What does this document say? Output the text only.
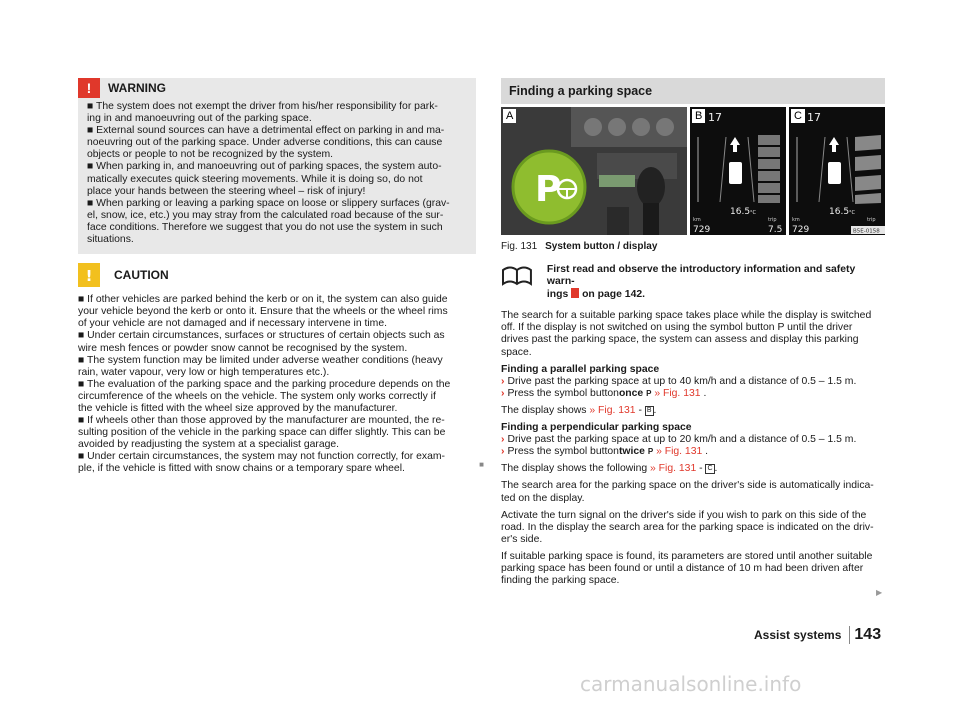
!	WARNING

■ The system does not exempt the driver from his/her responsibility for park-

ing in and manoeuvring out of the parking space.

■ External sound sources can have a detrimental effect on parking in and ma-

noeuvring out of the parking space. Under adverse conditions, this can cause

objects or people to not be recognized by the system.

■ When parking in, and manoeuvring out of parking spaces, the system auto-

matically executes quick steering movements. While it is doing so, do not

place your hands between the steering wheel – risk of injury!

■ When parking or leaving a parking space on loose or slippery surfaces (grav-

el, snow, ice, etc.) you may stray from the calculated road because of the sur-

face conditions. Therefore we suggest that you do not use the system in such

situations.

! CAUTION

■ If other vehicles are parked behind the kerb or on it, the system can also guide

your vehicle beyond the kerb or onto it. Ensure that the wheels or the wheel rims

of your vehicle are not damaged and if necessary intervene in time.

■ Under certain circumstances, surfaces or structures of certain objects such as

wire mesh fences or powder snow cannot be recognised by the system.

■ The system function may be limited under adverse weather conditions (heavy

rain, water vapour, very low or high temperatures etc.).

■ The evaluation of the parking space and the parking procedure depends on the

circumference of the wheels on the vehicle. The system only works correctly if

the vehicle is fitted with the wheel size approved by the manufacturer.

■ If wheels other than those approved by the manufacturer are mounted, the re-

sulting position of the vehicle in the parking space can differ slightly. This can be

avoided by readjusting the system at a specialist garage.

■ Under certain circumstances, the system may not function correctly, for exam-

ple, if the vehicle is fitted with snow chains or a temporary spare wheel.	■
Finding a parking space
P
A	17
16.5 °C
km	trip
729	7.5
B	17
16.5 °C
km	trip
729	B5E-0158
C
Fig. 131 System button / display

First read and observe the introductory information and safety warn-

ings on page 142.

The search for a suitable parking space takes place while the display is switched

off. If the display is not switched on using the symbol button P until the driver

drives past the parking space, the system can assess and display this parking

space.

Finding a parallel parking space

› Drive past the parking space at up to 40 km/h and a distance of 0.5 – 1.5 m.

› Press the symbol buttononce P » Fig. 131 .

The display shows » Fig. 131 - B .

Finding a perpendicular parking space

› Drive past the parking space at up to 20 km/h and a distance of 0.5 – 1.5 m.

› Press the symbol buttontwice P » Fig. 131 .

The display shows the following » Fig. 131 - C .

The search area for the parking space on the driver's side is automatically indica-

ted on the display.

Activate the turn signal on the driver's side if you wish to park on this side of the

road. In the display the search area for the parking space is indicated on the driv-

er's side.

If suitable parking space is found, its parameters are stored until another suitable

parking space has been found or until a distance of 10 m had been driven after

finding the parking space.

▶
Assist systems 143
carmanualsonline.info
